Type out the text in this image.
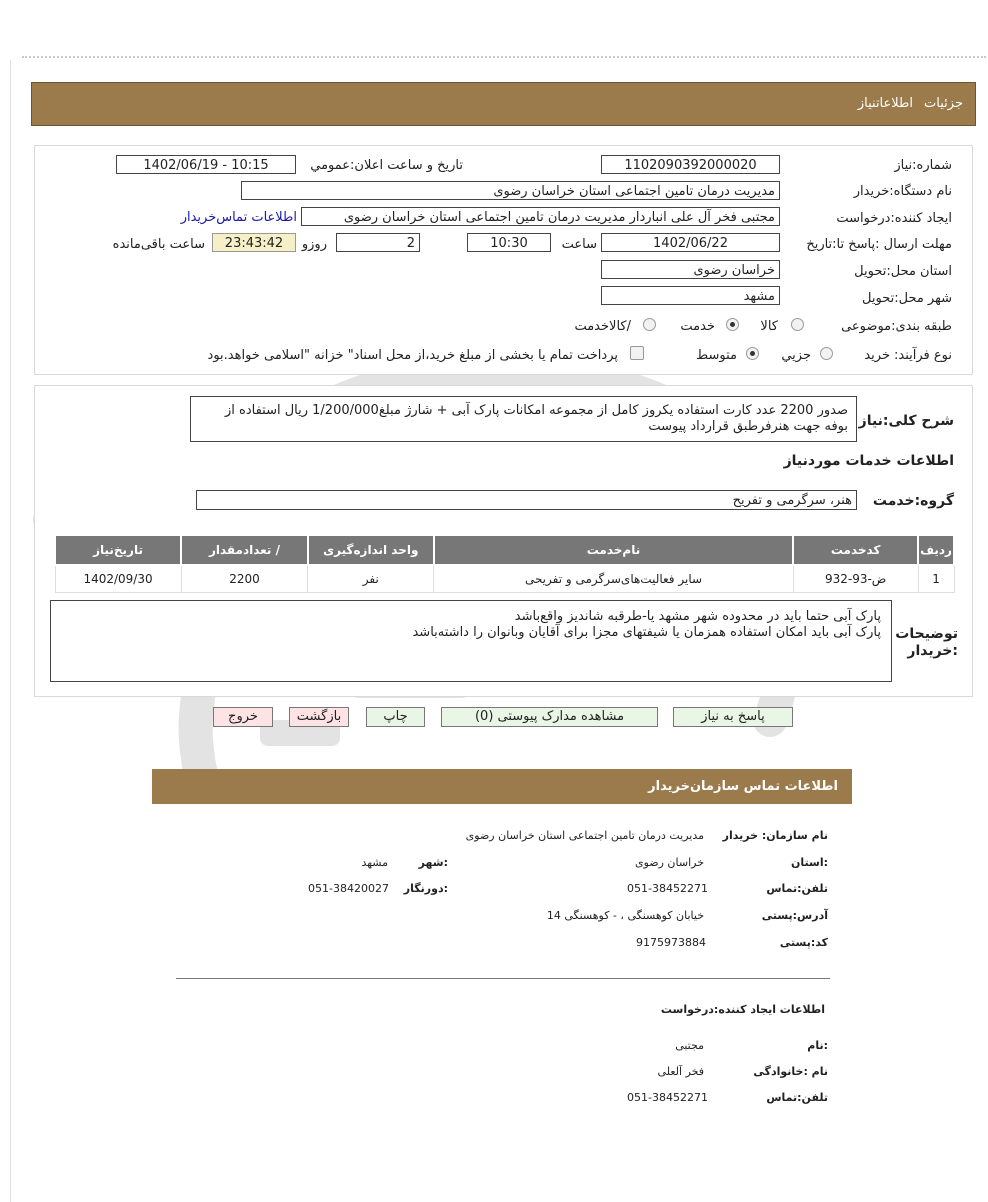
جزئیات
اطلاعاتنیاز
شماره:نیاز
1102090392000020
تاریخ و ساعت اعلان:عمومي
1402/06/19 - 10:15
نام دستگاه:خریدار
مدیریت درمان تامین اجتماعی استان خراسان رضوی
ایجاد کننده:درخواست
مجتبی فخر آل علی انباردار مدیریت درمان تامین اجتماعی استان خراسان رضوی
اطلاعات تماس‌خریدار
مهلت ارسال :پاسخ تا:تاریخ
1402/06/22
ساعت
10:30
2
روزو
23:43:42
ساعت باقی‌مانده
استان محل:تحویل
خراسان رضوی
شهر محل:تحویل
مشهد
طبقه بندی:موضوعی
کالا
خدمت
/کالاخدمت
نوع فرآیند:
خريد
جزيي
متوسط
پرداخت تمام یا بخشی از مبلغ خرید،از محل اسناد" خزانه "اسلامی خواهد.بود
شرح کلی:نیاز
صدور 2200 عدد کارت استفاده یکروز کامل از مجموعه امکانات پارک آبی + شارژ مبلغ1/200/000 ریال استفاده از بوفه جهت هنرفرطبق قرارداد پیوست
اطلاعات خدمات موردنیاز
گروه:خدمت
هنر، سرگرمی و تفریح
ردیف	کدخدمت	نام‌خدمت	واحد اندازه‌گیری	/ تعدادمقدار	تاریخ‌نیاز
1	ض-93-932	سایر فعالیت‌های‌سرگرمی و تفریحی	نفر	2200	1402/09/30
توضیحات :خریدار
پارک آبی حتما باید در محدوده شهر مشهد یا-طرقبه شاندیز واقع‌باشد
پارک آبی باید امکان استفاده همزمان یا شیفتهای مجزا برای آقایان وبانوان را داشته‌باشد
پاسخ به نیاز
مشاهده مدارک پیوستی (0)
چاپ
بازگشت
خروج
اطلاعات تماس سازمان‌خریدار
نام سازمان: خریدار
مدیریت درمان تامین اجتماعی استان خراسان رضوی
:استان
خراسان رضوی
:شهر
مشهد
تلفن:تماس
051-38452271
:دورنگار
051-38420027
آدرس:پستی
خیابان کوهسنگی ، - کوهسنگی 14
کد:پستی
9175973884
اطلاعات ایجاد کننده:درخواست
:نام
مجتبی
نام :خانوادگی
فخر آلعلی
تلفن:تماس
051-38452271
